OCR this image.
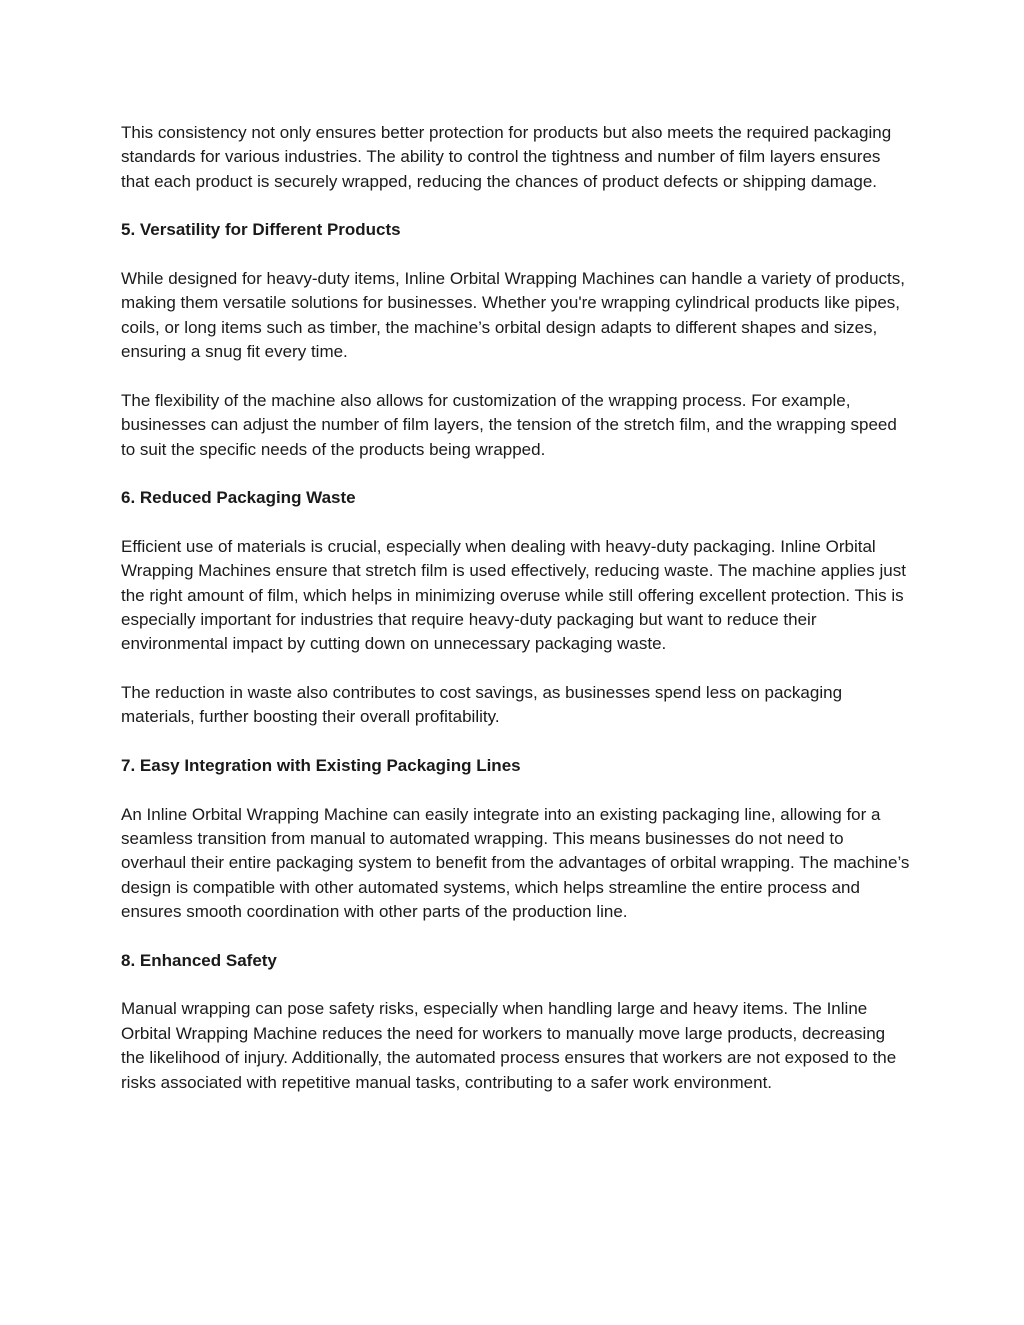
This consistency not only ensures better protection for products but also meets the required packaging standards for various industries. The ability to control the tightness and number of film layers ensures that each product is securely wrapped, reducing the chances of product defects or shipping damage.

5. Versatility for Different Products

While designed for heavy-duty items, Inline Orbital Wrapping Machines can handle a variety of products, making them versatile solutions for businesses. Whether you're wrapping cylindrical products like pipes, coils, or long items such as timber, the machine’s orbital design adapts to different shapes and sizes, ensuring a snug fit every time.

The flexibility of the machine also allows for customization of the wrapping process. For example, businesses can adjust the number of film layers, the tension of the stretch film, and the wrapping speed to suit the specific needs of the products being wrapped.

6. Reduced Packaging Waste

Efficient use of materials is crucial, especially when dealing with heavy-duty packaging. Inline Orbital Wrapping Machines ensure that stretch film is used effectively, reducing waste. The machine applies just the right amount of film, which helps in minimizing overuse while still offering excellent protection. This is especially important for industries that require heavy-duty packaging but want to reduce their environmental impact by cutting down on unnecessary packaging waste.

The reduction in waste also contributes to cost savings, as businesses spend less on packaging materials, further boosting their overall profitability.

7. Easy Integration with Existing Packaging Lines

An Inline Orbital Wrapping Machine can easily integrate into an existing packaging line, allowing for a seamless transition from manual to automated wrapping. This means businesses do not need to overhaul their entire packaging system to benefit from the advantages of orbital wrapping. The machine’s design is compatible with other automated systems, which helps streamline the entire process and ensures smooth coordination with other parts of the production line.

8. Enhanced Safety

Manual wrapping can pose safety risks, especially when handling large and heavy items. The Inline Orbital Wrapping Machine reduces the need for workers to manually move large products, decreasing the likelihood of injury. Additionally, the automated process ensures that workers are not exposed to the risks associated with repetitive manual tasks, contributing to a safer work environment.
